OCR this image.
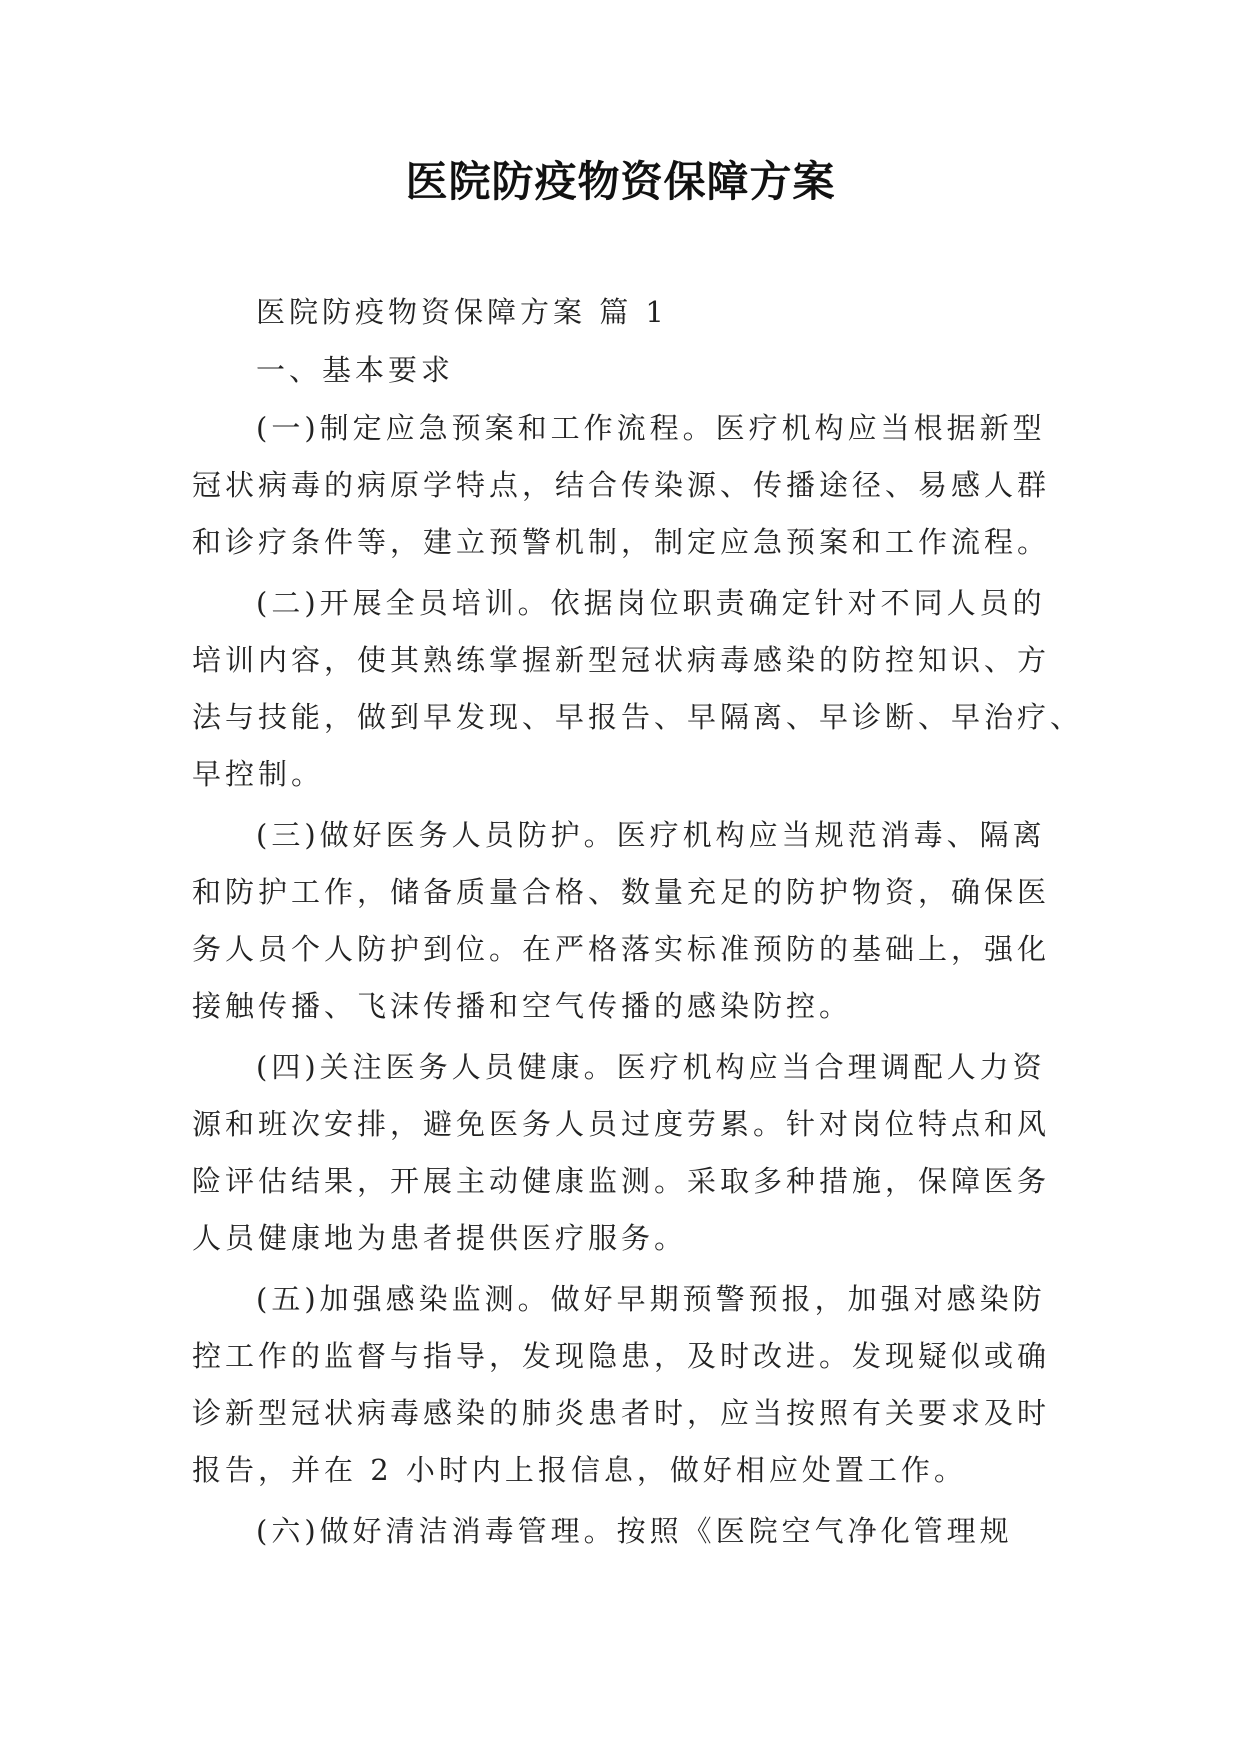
医院防疫物资保障方案
医院防疫物资保障方案 篇 1
一、基本要求
(一)制定应急预案和工作流程。医疗机构应当根据新型
冠状病毒的病原学特点，结合传染源、传播途径、易感人群
和诊疗条件等，建立预警机制，制定应急预案和工作流程。
(二)开展全员培训。依据岗位职责确定针对不同人员的
培训内容，使其熟练掌握新型冠状病毒感染的防控知识、方
法与技能，做到早发现、早报告、早隔离、早诊断、早治疗、
早控制。
(三)做好医务人员防护。医疗机构应当规范消毒、隔离
和防护工作，储备质量合格、数量充足的防护物资，确保医
务人员个人防护到位。在严格落实标准预防的基础上，强化
接触传播、飞沫传播和空气传播的感染防控。
(四)关注医务人员健康。医疗机构应当合理调配人力资
源和班次安排，避免医务人员过度劳累。针对岗位特点和风
险评估结果，开展主动健康监测。采取多种措施，保障医务
人员健康地为患者提供医疗服务。
(五)加强感染监测。做好早期预警预报，加强对感染防
控工作的监督与指导，发现隐患，及时改进。发现疑似或确
诊新型冠状病毒感染的肺炎患者时，应当按照有关要求及时
报告，并在 2 小时内上报信息，做好相应处置工作。
(六)做好清洁消毒管理。按照《医院空气净化管理规
